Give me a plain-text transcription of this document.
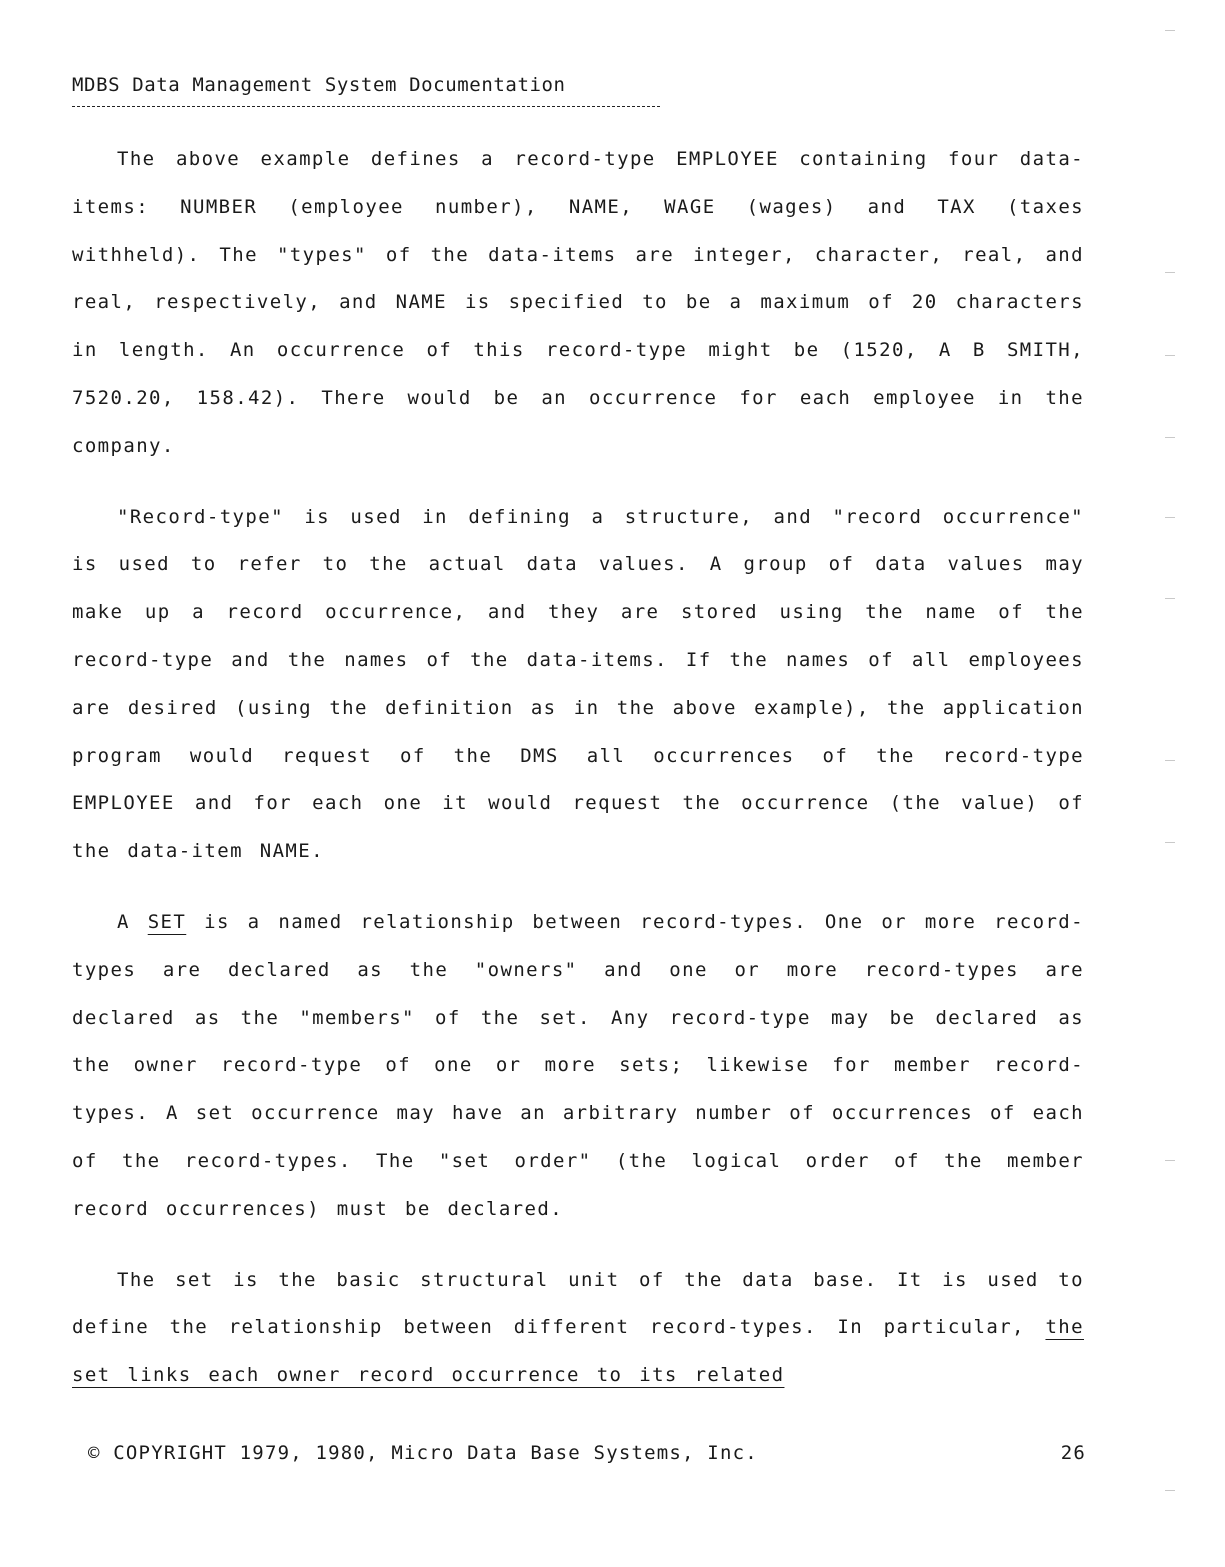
MDBS Data Management System Documentation

The above example defines a record-type EMPLOYEE containing four data-items: NUMBER (employee number), NAME, WAGE (wages) and TAX (taxes withheld). The "types" of the data-items are integer, character, real, and real, respectively, and NAME is specified to be a maximum of 20 characters in length. An occurrence of this record-type might be (1520, A B SMITH, 7520.20, 158.42). There would be an occurrence for each employee in the company.

"Record-type" is used in defining a structure, and "record occurrence" is used to refer to the actual data values. A group of data values may make up a record occurrence, and they are stored using the name of the record-type and the names of the data-items. If the names of all employees are desired (using the definition as in the above example), the application program would request of the DMS all occurrences of the record-type EMPLOYEE and for each one it would request the occurrence (the value) of the data-item NAME.

A SET is a named relationship between record-types. One or more record-types are declared as the "owners" and one or more record-types are declared as the "members" of the set. Any record-type may be declared as the owner record-type of one or more sets; likewise for member record-types. A set occurrence may have an arbitrary number of occurrences of each of the record-types. The "set order" (the logical order of the member record occurrences) must be declared.

The set is the basic structural unit of the data base. It is used to define the relationship between different record-types. In particular, the set links each owner record occurrence to its related

© COPYRIGHT 1979, 1980, Micro Data Base Systems, Inc.	26
